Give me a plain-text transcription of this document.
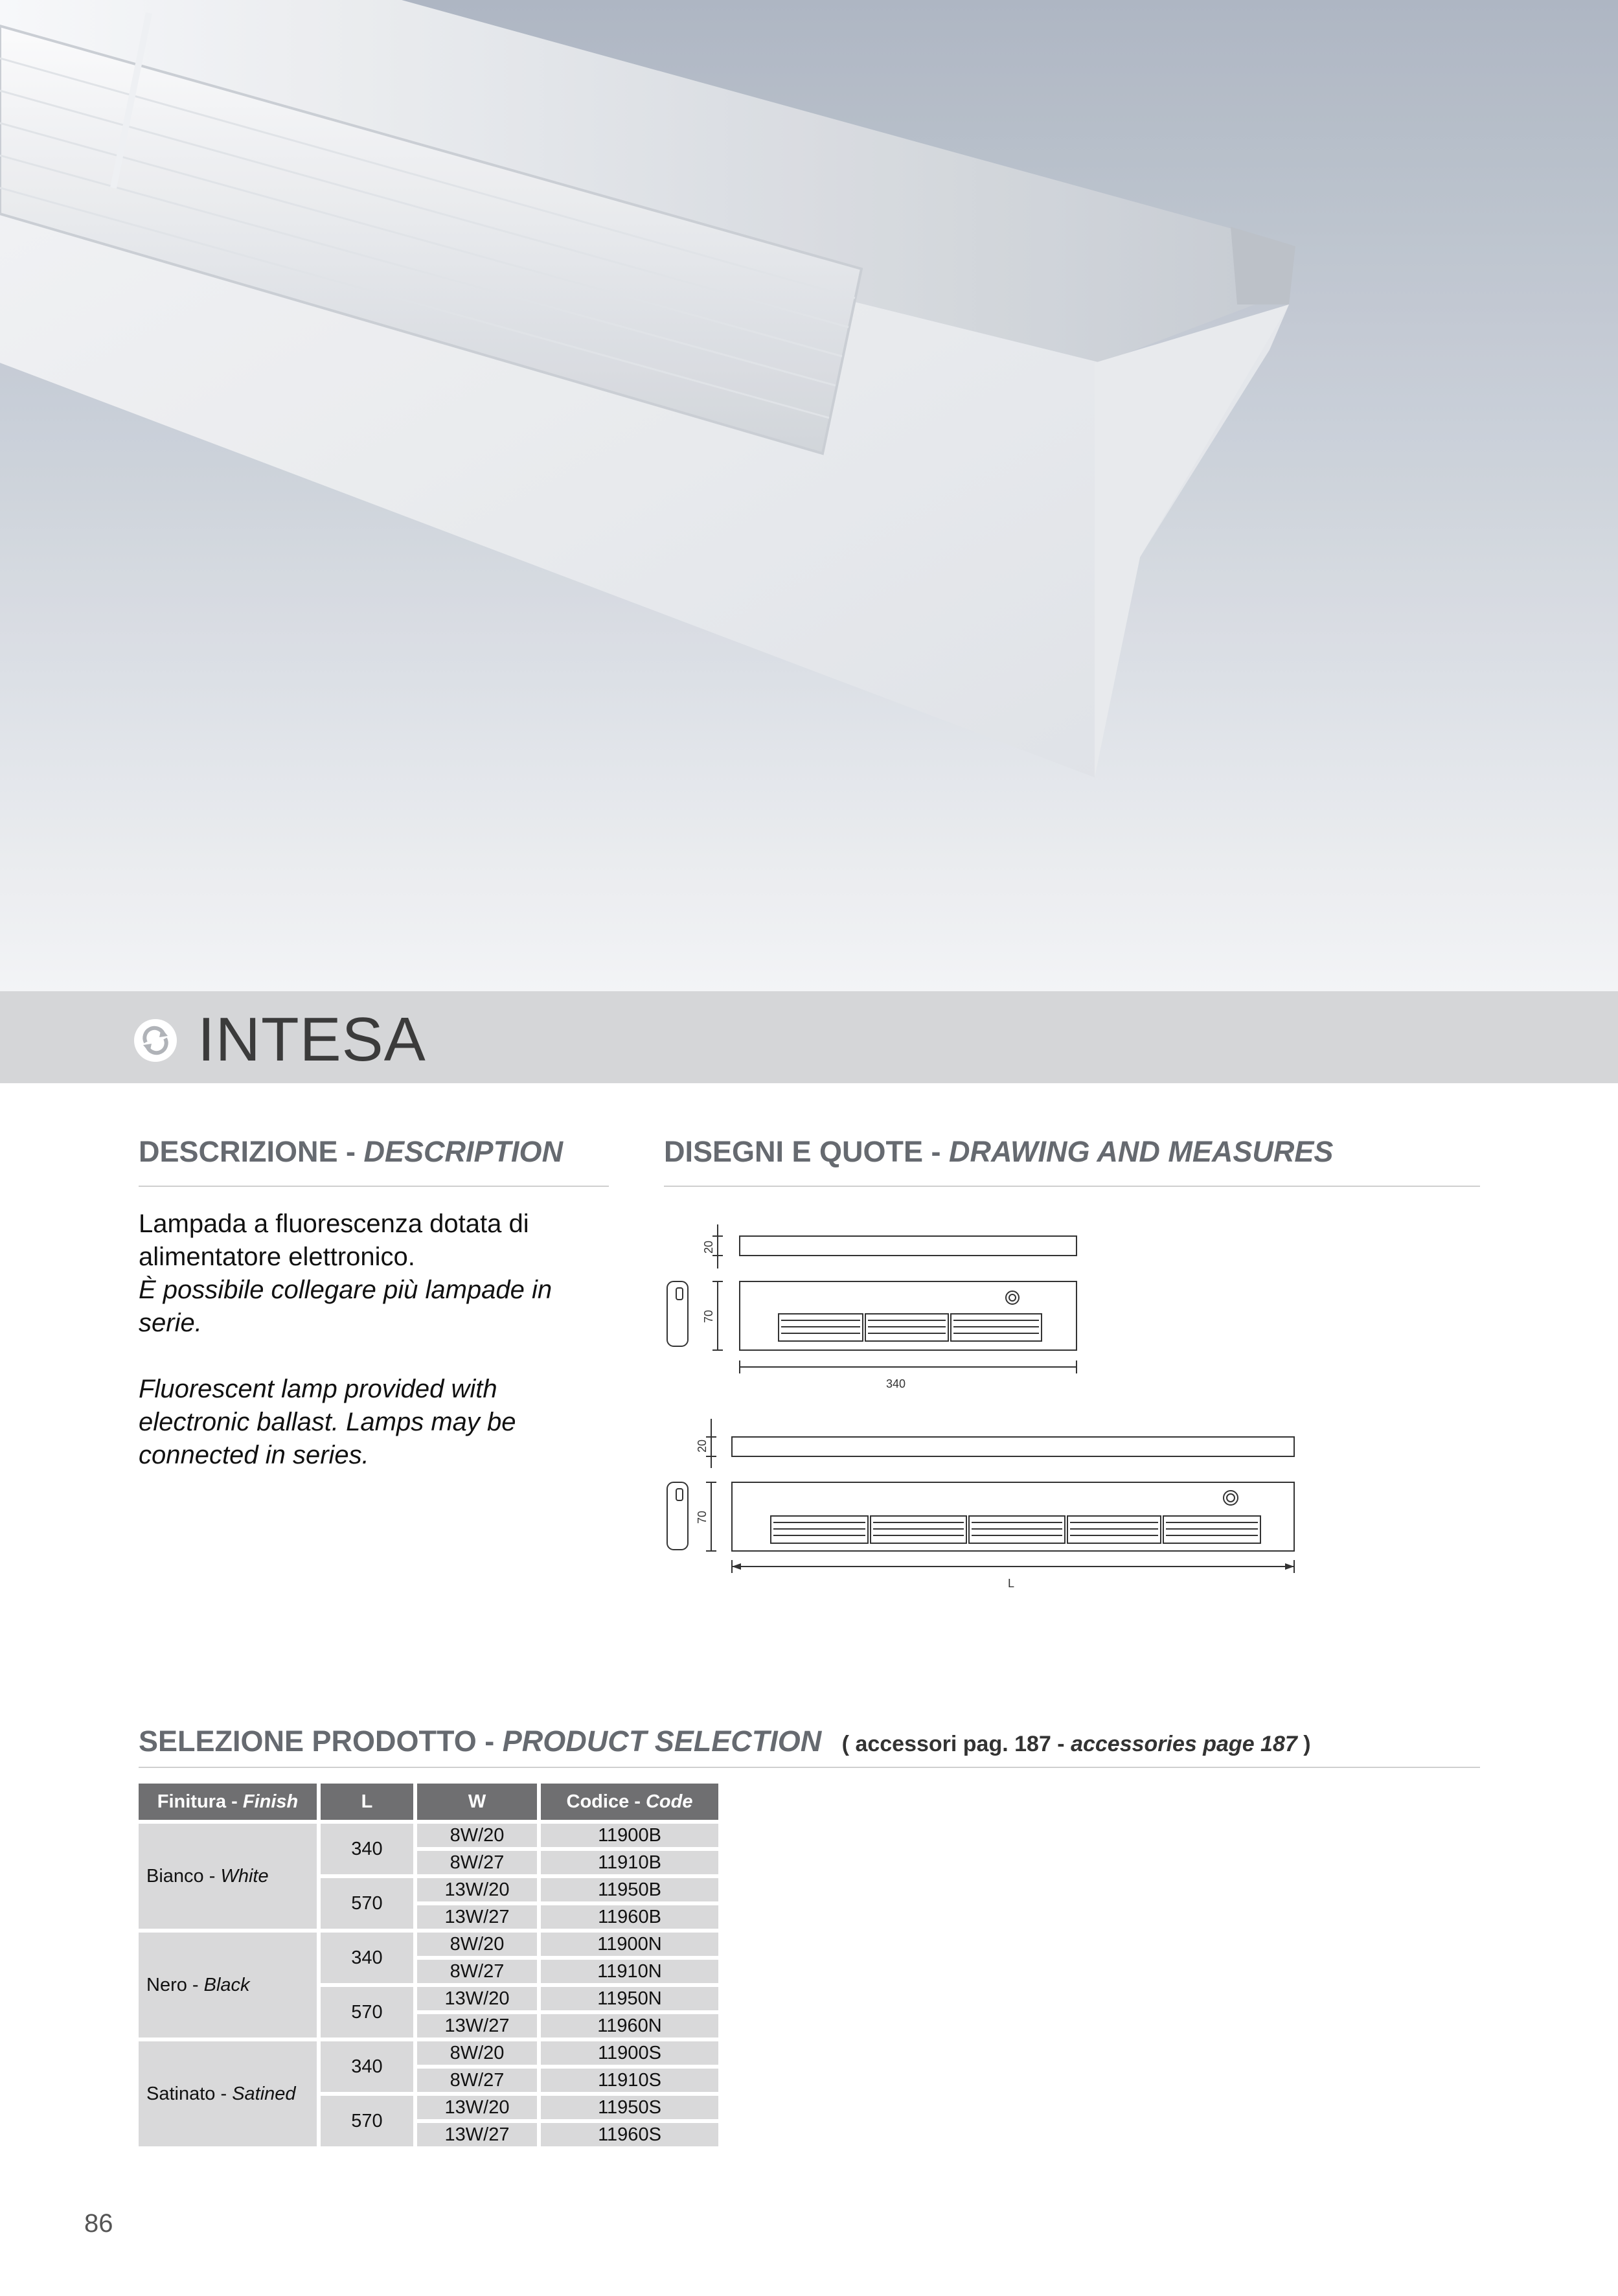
INTESA
DESCRIZIONE - DESCRIPTION

Lampada a fluorescenza dotata di

alimentatore elettronico.

È possibile collegare più lampade in

serie.

Fluorescent lamp provided with

electronic ballast. Lamps may be

connected in series.

DISEGNI E QUOTE - DRAWING AND MEASURES
20
70
340
20
70
L
SELEZIONE PRODOTTO - PRODUCT SELECTION ( accessori pag. 187 - accessories page 187 )
Finitura - Finish	L	W	Codice - Code
Bianco - White	340	8W/20	11900B
		8W/27	11910B
	570	13W/20	11950B
		13W/27	11960B
Nero - Black	340	8W/20	11900N
		8W/27	11910N
	570	13W/20	11950N
		13W/27	11960N
Satinato - Satined	340	8W/20	11900S
		8W/27	11910S
	570	13W/20	11950S
		13W/27	11960S
86
